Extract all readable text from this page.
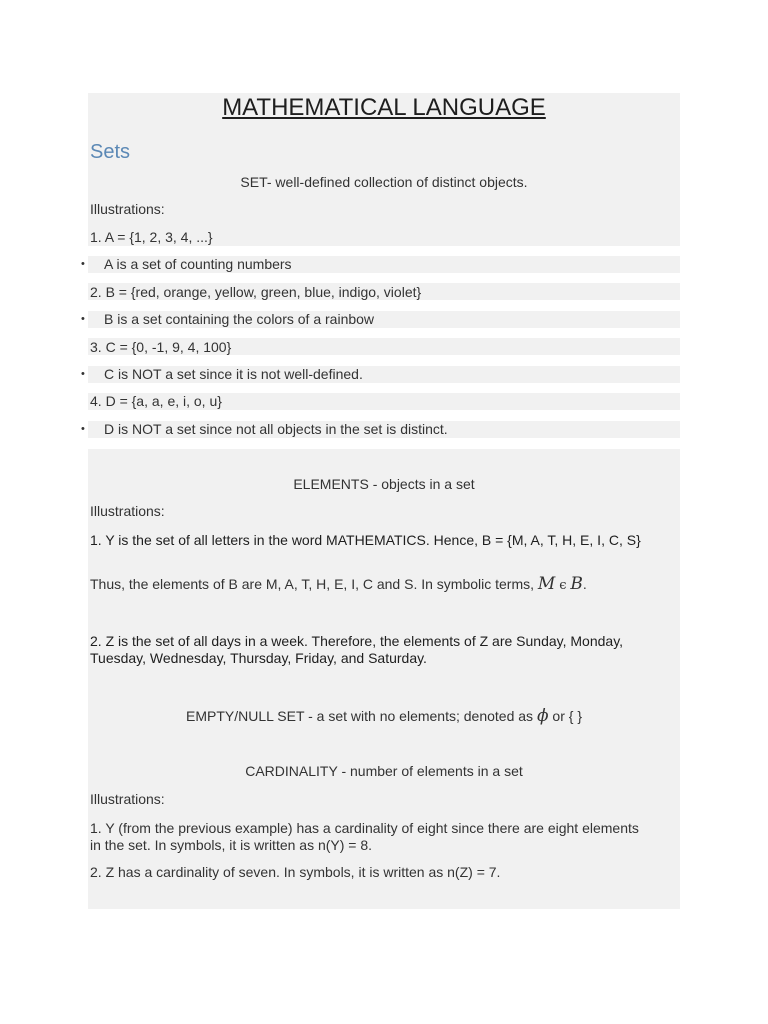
MATHEMATICAL LANGUAGE
Sets
SET- well-defined collection of distinct objects.
Illustrations:
1. A = {1, 2, 3, 4, ...}
• A is a set of counting numbers
2. B = {red, orange, yellow, green, blue, indigo, violet}
• B is a set containing the colors of a rainbow
3. C = {0, -1, 9, 4, 100}
• C is NOT a set since it is not well-defined.
4. D = {a, a, e, i, o, u}
• D is NOT a set since not all objects in the set is distinct.
ELEMENTS - objects in a set
Illustrations:
1. Y is the set of all letters in the word MATHEMATICS. Hence, B = {M, A, T, H, E, I, C, S}
Thus, the elements of B are M, A, T, H, E, I, C and S. In symbolic terms, M ϵ B.
2. Z is the set of all days in a week. Therefore, the elements of Z are Sunday, Monday, Tuesday, Wednesday, Thursday, Friday, and Saturday.
EMPTY/NULL SET - a set with no elements; denoted as ϕ or { }
CARDINALITY - number of elements in a set
Illustrations:
1. Y (from the previous example) has a cardinality of eight since there are eight elements in the set. In symbols, it is written as n(Y) = 8.
2. Z has a cardinality of seven. In symbols, it is written as n(Z) = 7.
